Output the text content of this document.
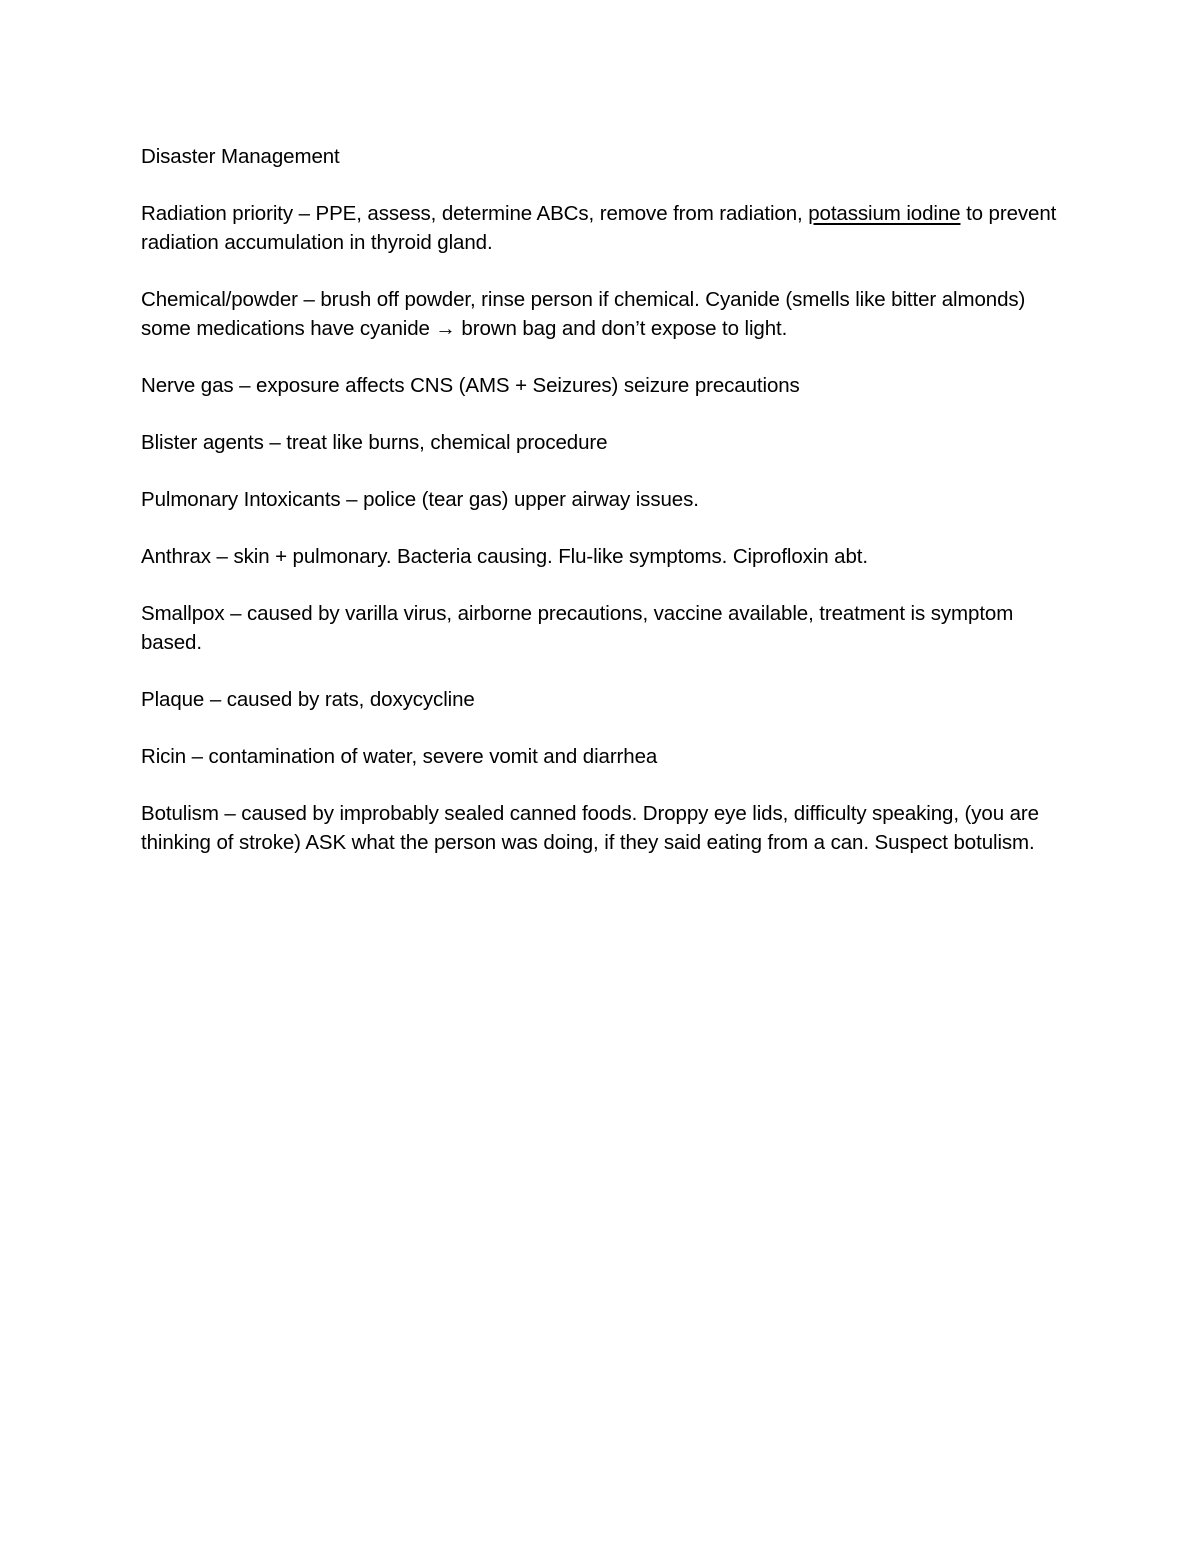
Disaster Management

Radiation priority – PPE, assess, determine ABCs, remove from radiation, potassium iodine to prevent radiation accumulation in thyroid gland.

Chemical/powder – brush off powder, rinse person if chemical. Cyanide (smells like bitter almonds) some medications have cyanide → brown bag and don’t expose to light.

Nerve gas – exposure affects CNS (AMS + Seizures) seizure precautions

Blister agents – treat like burns, chemical procedure

Pulmonary Intoxicants – police (tear gas) upper airway issues.

Anthrax – skin + pulmonary. Bacteria causing. Flu-like symptoms. Ciprofloxin abt.

Smallpox – caused by varilla virus, airborne precautions, vaccine available, treatment is symptom based.

Plaque – caused by rats, doxycycline

Ricin – contamination of water, severe vomit and diarrhea

Botulism – caused by improbably sealed canned foods. Droppy eye lids, difficulty speaking, (you are thinking of stroke) ASK what the person was doing, if they said eating from a can. Suspect botulism.
